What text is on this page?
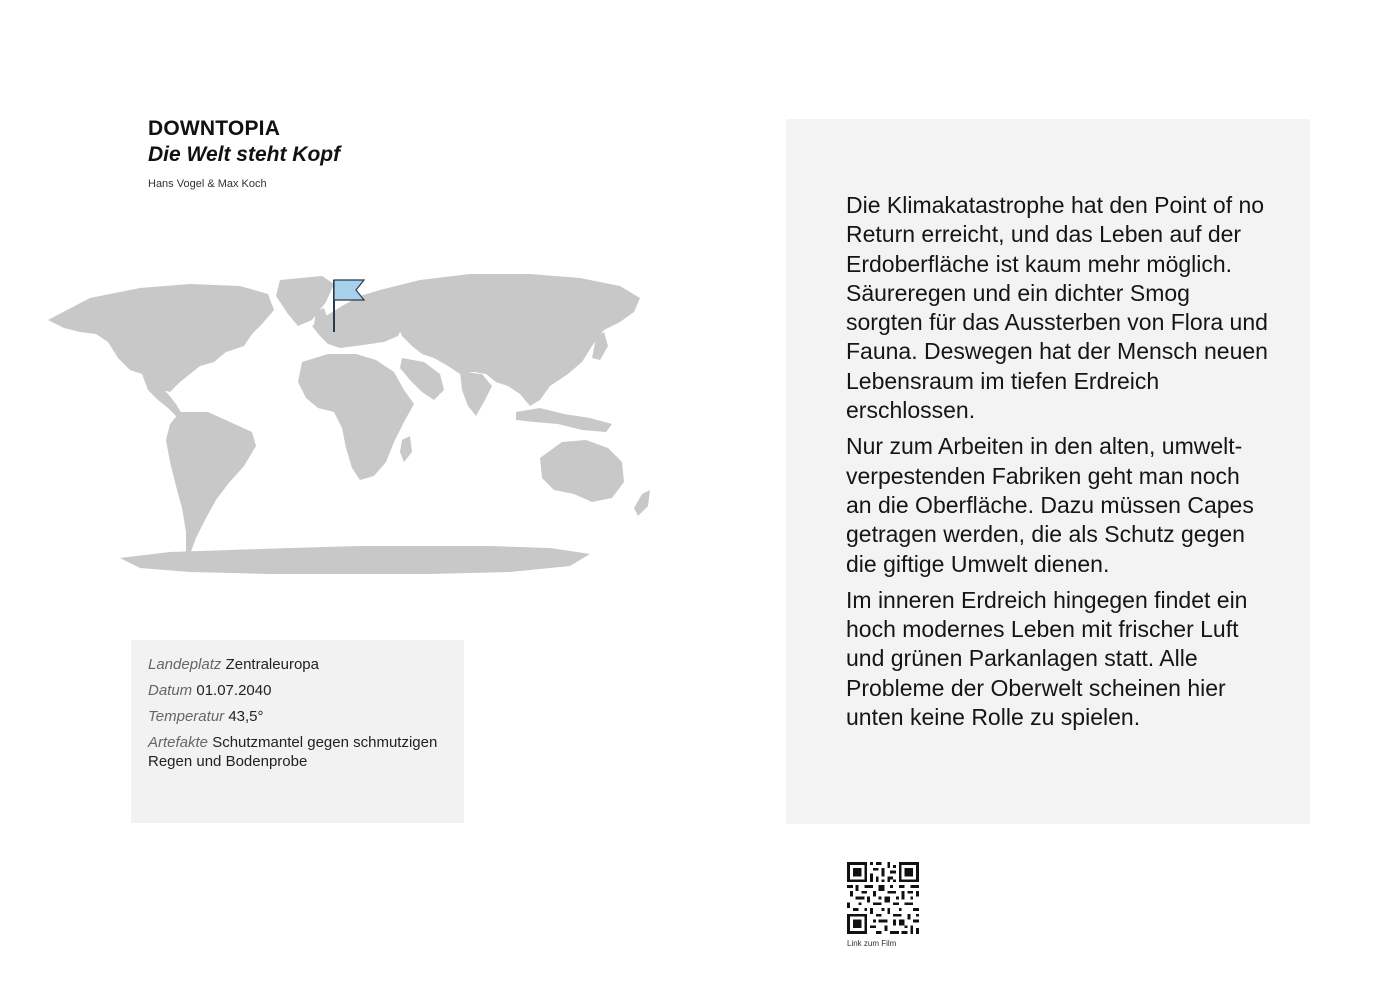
DOWNTOPIA
Die Welt steht Kopf
Hans Vogel & Max Koch
Landeplatz Zentraleuropa
Datum 01.07.2040
Temperatur 43,5°
Artefakte Schutzmantel gegen schmutzigen Regen und Bodenprobe

Die Klimakatastrophe hat den Point of no Return erreicht, und das Leben auf der Erdoberfläche ist kaum mehr möglich. Säureregen und ein dichter Smog sorgten für das Aussterben von Flora und Fauna. Deswegen hat der Mensch neuen Lebensraum im tiefen Erdreich erschlossen.

Nur zum Arbeiten in den alten, umwelt-verpestenden Fabriken geht man noch an die Oberfläche. Dazu müssen Capes getragen werden, die als Schutz gegen die giftige Umwelt dienen.

Im inneren Erdreich hingegen findet ein hoch modernes Leben mit frischer Luft und grünen Parkanlagen statt. Alle Probleme der Oberwelt scheinen hier unten keine Rolle zu spielen.

Link zum Film
